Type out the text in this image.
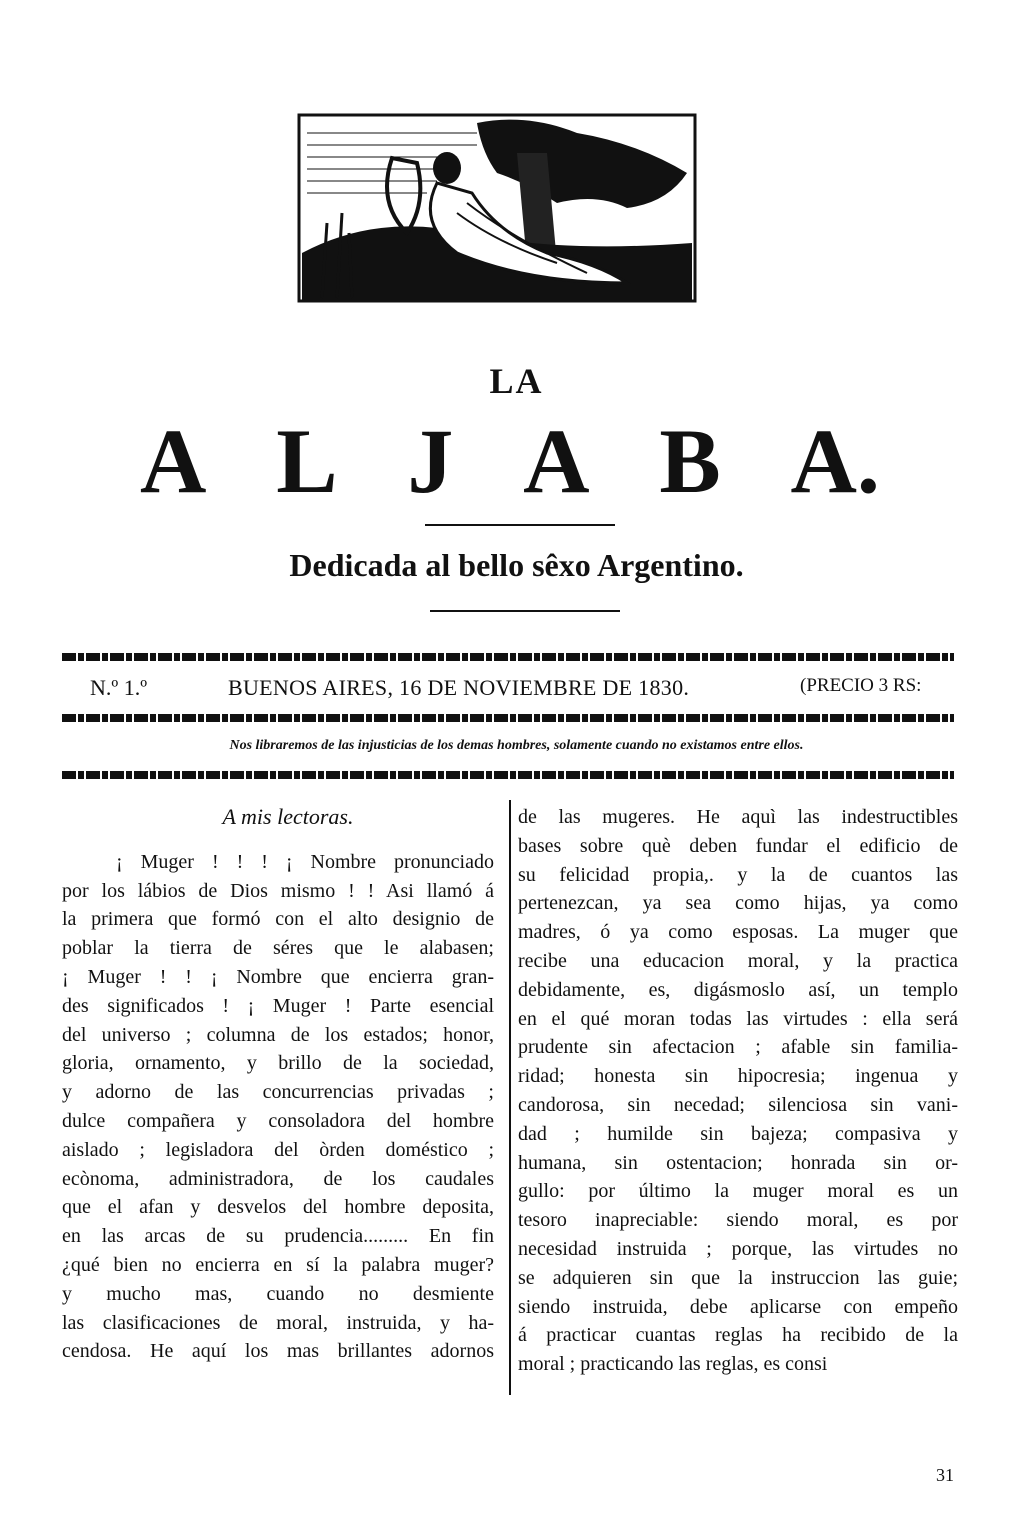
LA
A L J A B A.
Dedicada al bello sêxo Argentino.
N.º 1.º	BUENOS AIRES, 16 DE NOVIEMBRE DE 1830.	(PRECIO 3 RS:
Nos libraremos de las injusticias de los demas hombres, solamente cuando no existamos entre ellos.
A mis lectoras.
¡ Muger ! ! ! ¡ Nombre pronunciado
por los lábios de Dios mismo ! ! Asi llamó á
la primera que formó con el alto designio de
poblar la tierra de séres que le alabasen;
¡ Muger ! ! ¡ Nombre que encierra gran-
des significados ! ¡ Muger ! Parte esencial
del universo ; columna de los estados; honor,
gloria, ornamento, y brillo de la sociedad,
y adorno de las concurrencias privadas ;
dulce compañera y consoladora del hombre
aislado ; legisladora del òrden doméstico ;
ecònoma, administradora, de los caudales
que el afan y desvelos del hombre deposita,
en las arcas de su prudencia......... En fin
¿qué bien no encierra en sí la palabra muger?
y mucho mas, cuando no desmiente
las clasificaciones de moral, instruida, y ha-
cendosa. He aquí los mas brillantes adornos
de las mugeres. He aquì las indestructibles
bases sobre què deben fundar el edificio de
su felicidad propia,. y la de cuantos las
pertenezcan, ya sea como hijas, ya como
madres, ó ya como esposas. La muger que
recibe una educacion moral, y la practica
debidamente, es, digásmoslo así, un templo
en el qué moran todas las virtudes : ella será
prudente sin afectacion ; afable sin familia-
ridad; honesta sin hipocresia; ingenua y
candorosa, sin necedad; silenciosa sin vani-
dad ; humilde sin bajeza; compasiva y
humana, sin ostentacion; honrada sin or-
gullo: por último la muger moral es un
tesoro inapreciable: siendo moral, es por
necesidad instruida ; porque, las virtudes no
se adquieren sin que la instruccion las guie;
siendo instruida, debe aplicarse con empeño
á practicar cuantas reglas ha recibido de la
moral ; practicando las reglas, es consi
31
